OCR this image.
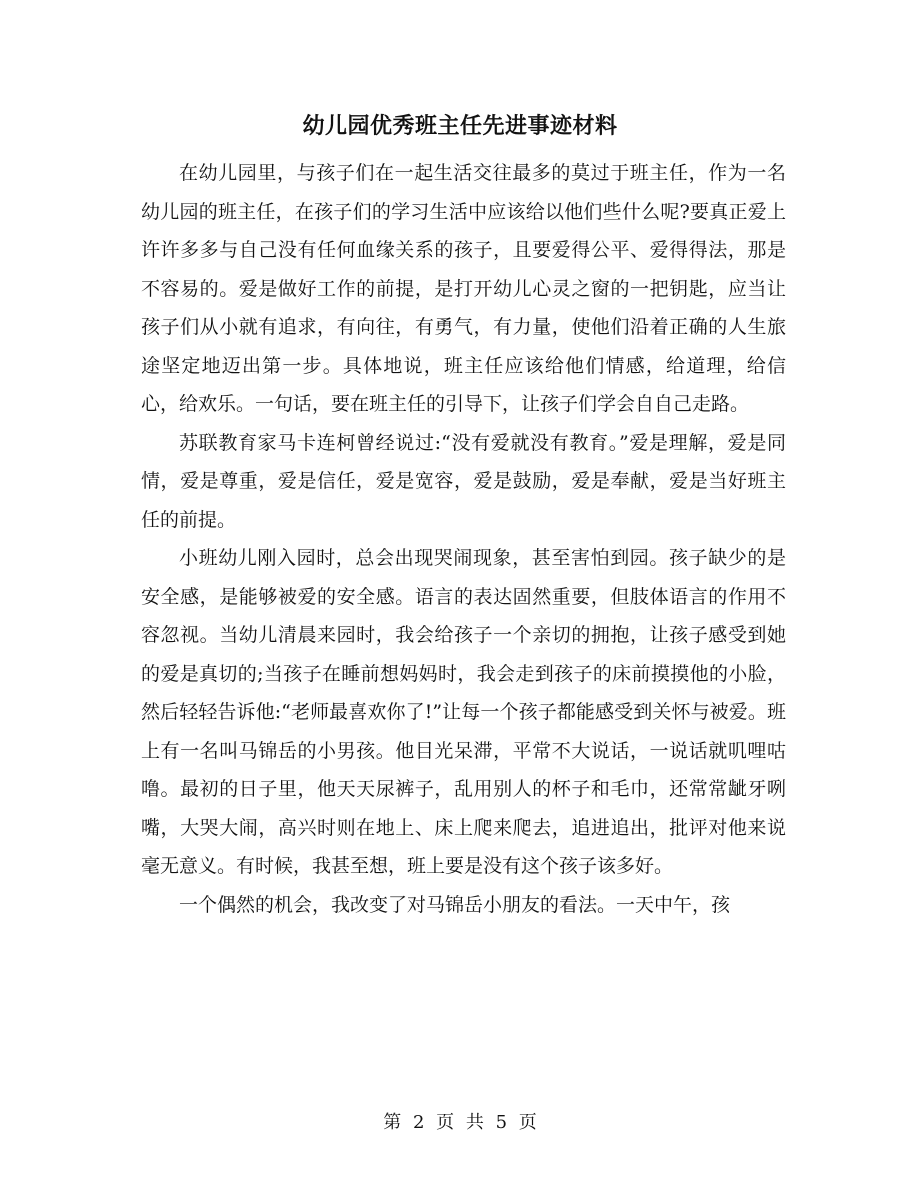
幼儿园优秀班主任先进事迹材料

在幼儿园里，与孩子们在一起生活交往最多的莫过于班主任，作为一名幼儿园的班主任，在孩子们的学习生活中应该给以他们些什么呢?要真正爱上许许多多与自己没有任何血缘关系的孩子，且要爱得公平、爱得得法，那是不容易的。爱是做好工作的前提，是打开幼儿心灵之窗的一把钥匙，应当让孩子们从小就有追求，有向往，有勇气，有力量，使他们沿着正确的人生旅途坚定地迈出第一步。具体地说，班主任应该给他们情感，给道理，给信心，给欢乐。一句话，要在班主任的引导下，让孩子们学会自自己走路。

苏联教育家马卡连柯曾经说过:“没有爱就没有教育。”爱是理解，爱是同情，爱是尊重，爱是信任，爱是宽容，爱是鼓励，爱是奉献，爱是当好班主任的前提。

小班幼儿刚入园时，总会出现哭闹现象，甚至害怕到园。孩子缺少的是安全感，是能够被爱的安全感。语言的表达固然重要，但肢体语言的作用不容忽视。当幼儿清晨来园时，我会给孩子一个亲切的拥抱，让孩子感受到她的爱是真切的;当孩子在睡前想妈妈时，我会走到孩子的床前摸摸他的小脸，然后轻轻告诉他:“老师最喜欢你了!”让每一个孩子都能感受到关怀与被爱。班上有一名叫马锦岳的小男孩。他目光呆滞，平常不大说话，一说话就叽哩咕噜。最初的日子里，他天天尿裤子，乱用别人的杯子和毛巾，还常常龇牙咧嘴，大哭大闹，高兴时则在地上、床上爬来爬去，追进追出，批评对他来说毫无意义。有时候，我甚至想，班上要是没有这个孩子该多好。

一个偶然的机会，我改变了对马锦岳小朋友的看法。一天中午，孩

第 2 页 共 5 页
